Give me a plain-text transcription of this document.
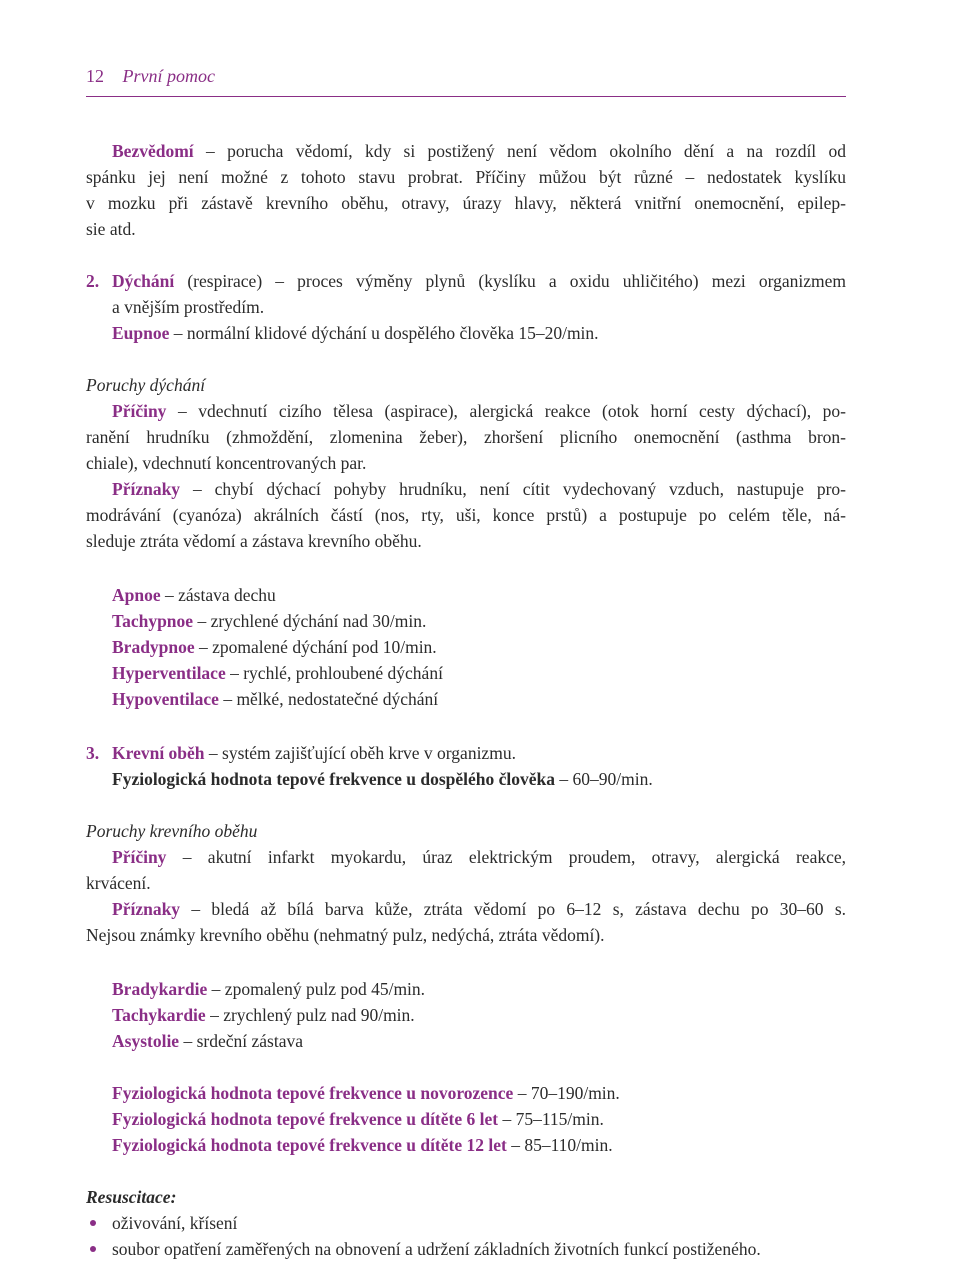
12 První pomoc
Bezvědomí – porucha vědomí, kdy si postižený není vědom okolního dění a na rozdíl od
spánku jej není možné z tohoto stavu probrat. Příčiny můžou být různé – nedostatek kyslíku
v mozku při zástavě krevního oběhu, otravy, úrazy hlavy, některá vnitřní onemocnění, epilep-
sie atd.
2. Dýchání (respirace) – proces výměny plynů (kyslíku a oxidu uhličitého) mezi organizmem
a vnějším prostředím.
Eupnoe – normální klidové dýchání u dospělého člověka 15–20/min.
Poruchy dýchání
Příčiny – vdechnutí cizího tělesa (aspirace), alergická reakce (otok horní cesty dýchací), po-
ranění hrudníku (zhmoždění, zlomenina žeber), zhoršení plicního onemocnění (asthma bron-
chiale), vdechnutí koncentrovaných par.
Příznaky – chybí dýchací pohyby hrudníku, není cítit vydechovaný vzduch, nastupuje pro-
modrávání (cyanóza) akrálních částí (nos, rty, uši, konce prstů) a postupuje po celém těle, ná-
sleduje ztráta vědomí a zástava krevního oběhu.
Apnoe – zástava dechu
Tachypnoe – zrychlené dýchání nad 30/min.
Bradypnoe – zpomalené dýchání pod 10/min.
Hyperventilace – rychlé, prohloubené dýchání
Hypoventilace – mělké, nedostatečné dýchání
3. Krevní oběh – systém zajišťující oběh krve v organizmu.
Fyziologická hodnota tepové frekvence u dospělého člověka – 60–90/min.
Poruchy krevního oběhu
Příčiny – akutní infarkt myokardu, úraz elektrickým proudem, otravy, alergická reakce,
krvácení.
Příznaky – bledá až bílá barva kůže, ztráta vědomí po 6–12 s, zástava dechu po 30–60 s.
Nejsou známky krevního oběhu (nehmatný pulz, nedýchá, ztráta vědomí).
Bradykardie – zpomalený pulz pod 45/min.
Tachykardie – zrychlený pulz nad 90/min.
Asystolie – srdeční zástava
Fyziologická hodnota tepové frekvence u novorozence – 70–190/min.
Fyziologická hodnota tepové frekvence u dítěte 6 let – 75–115/min.
Fyziologická hodnota tepové frekvence u dítěte 12 let – 85–110/min.
Resuscitace:
oživování, křísení
soubor opatření zaměřených na obnovení a udržení základních životních funkcí postiženého.
